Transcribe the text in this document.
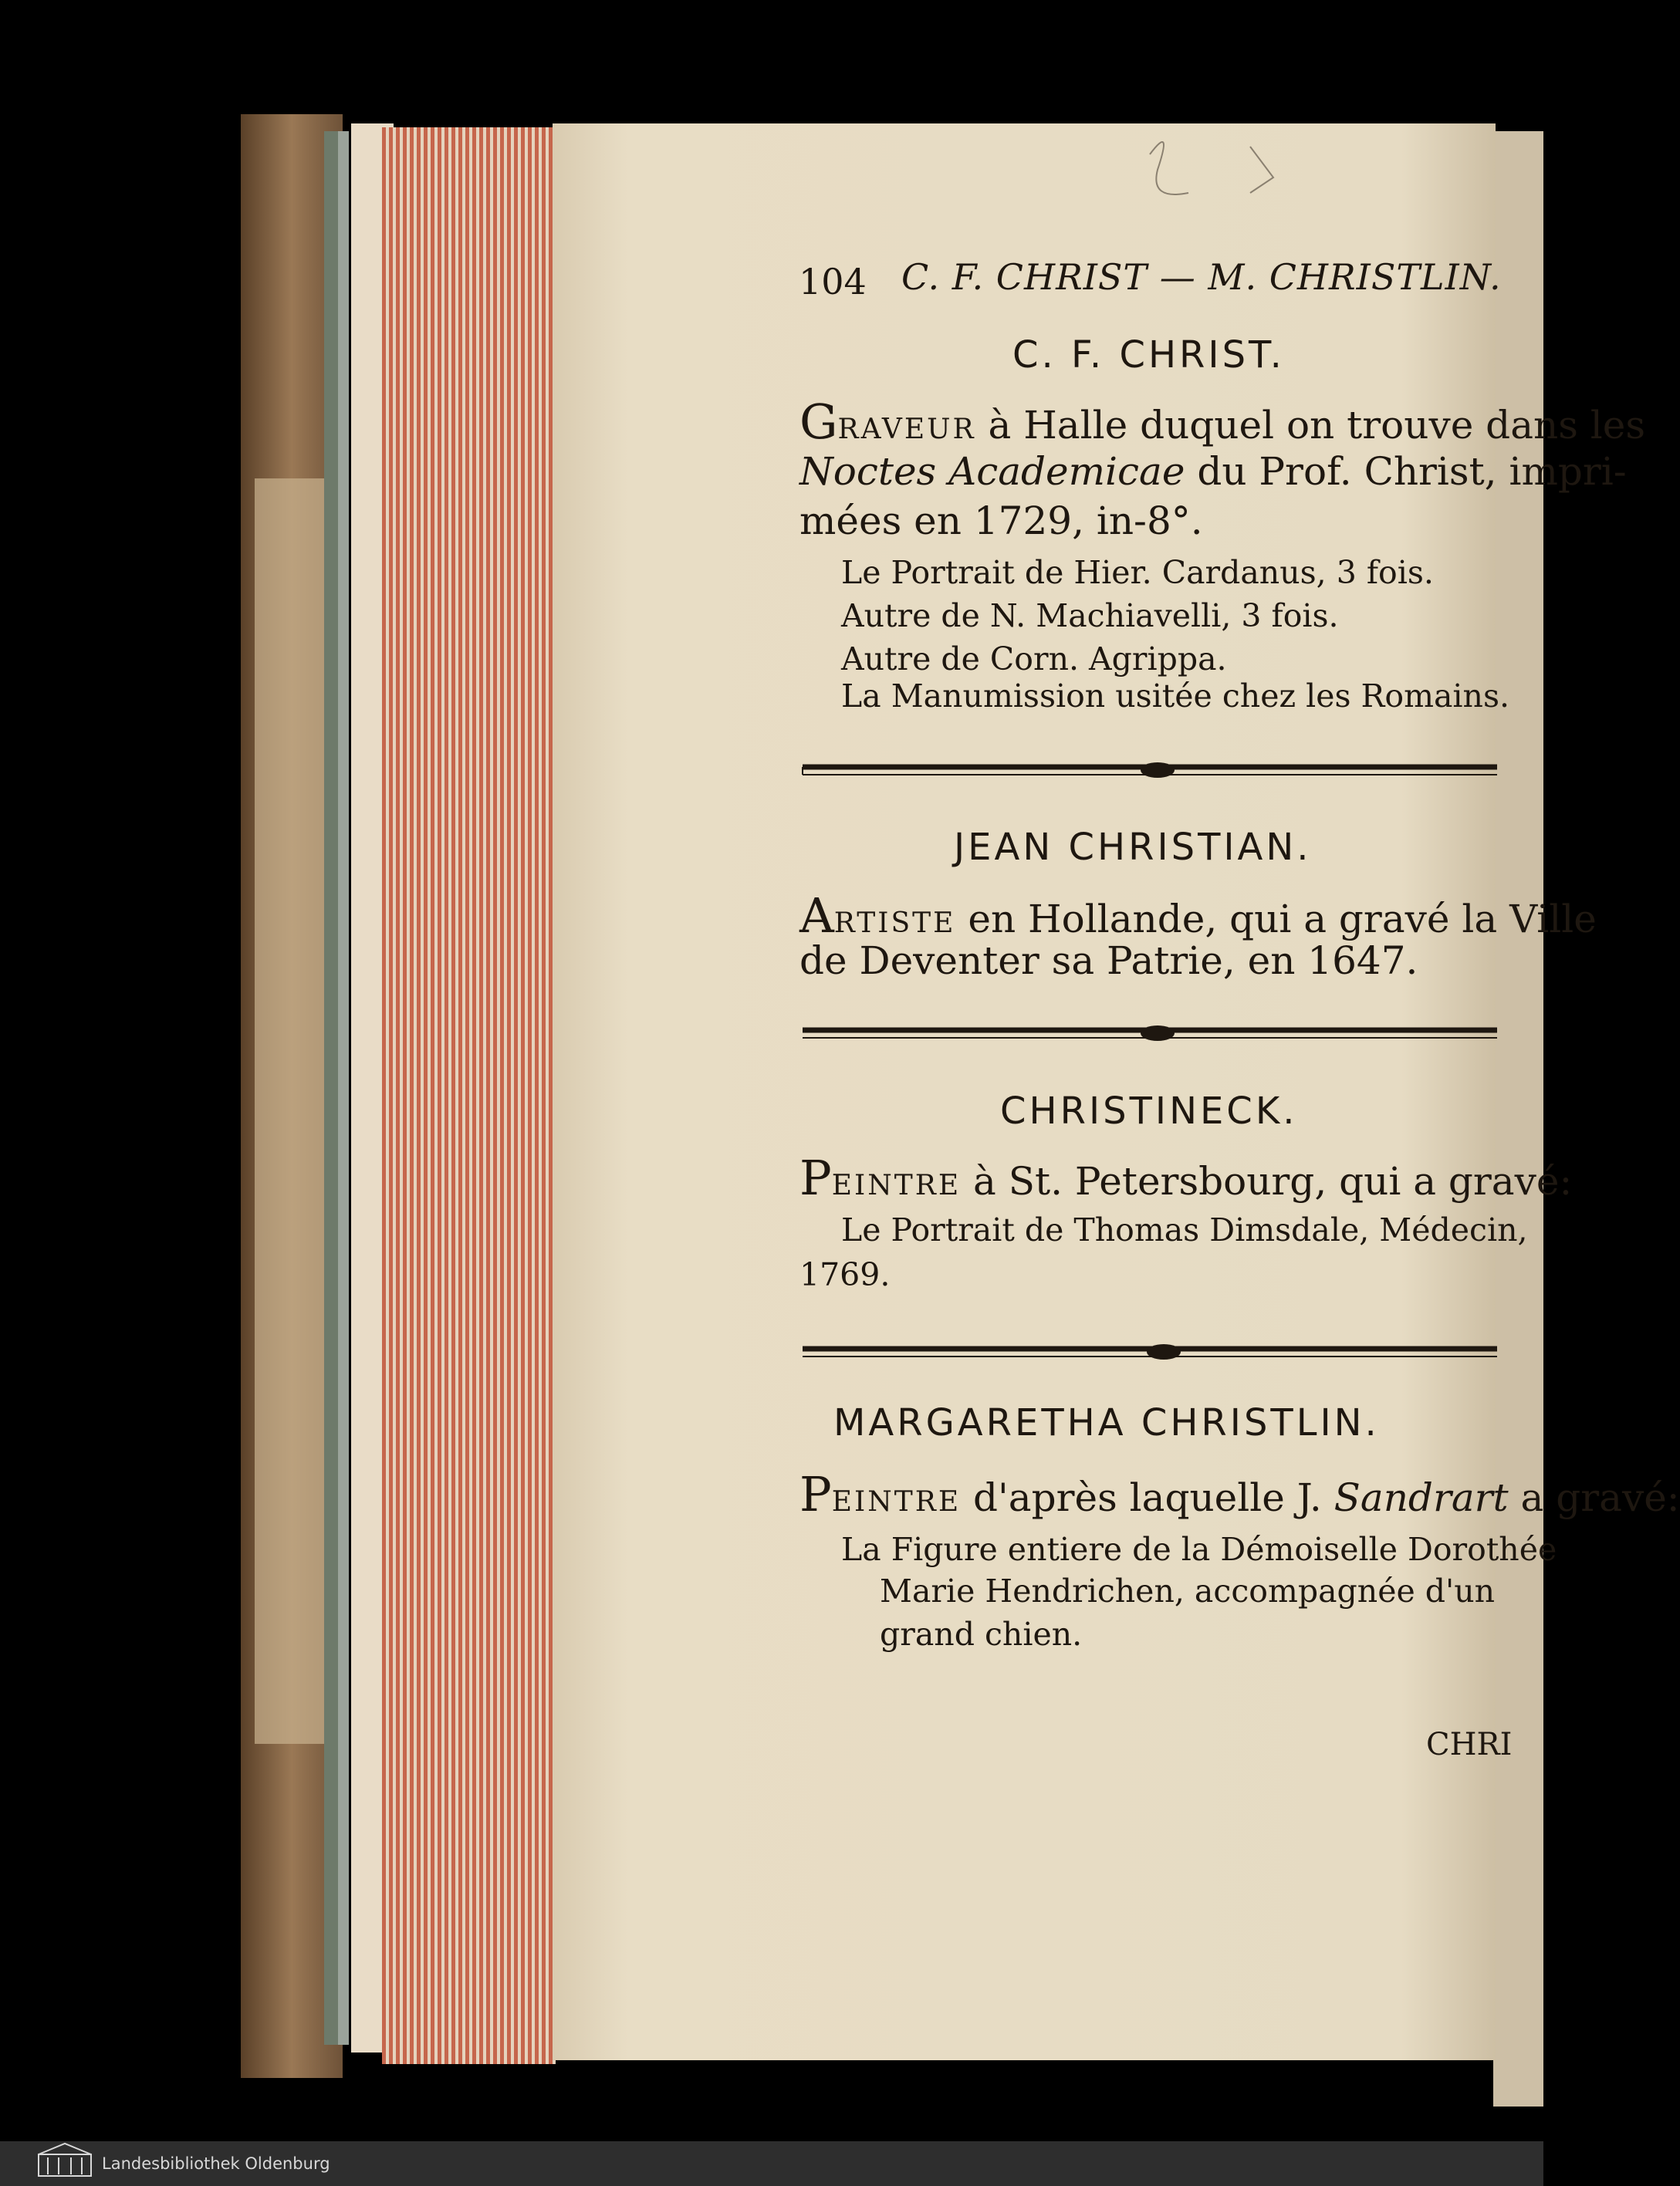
104 C. F. CHRIST — M. CHRISTLIN.
C. F. CHRIST.
GRAVEUR à Halle duquel on trouve dans les
Noctes Academicae du Prof. Christ, impri-
mées en 1729, in-8°.
Le Portrait de Hier. Cardanus, 3 fois.
Autre de N. Machiavelli, 3 fois.
Autre de Corn. Agrippa.
La Manumission usitée chez les Romains.
JEAN CHRISTIAN.
ARTISTE en Hollande, qui a gravé la Ville
de Deventer sa Patrie, en 1647.
CHRISTINECK.
PEINTRE à St. Petersbourg, qui a gravé:
Le Portrait de Thomas Dimsdale, Médecin,
1769.
MARGARETHA CHRISTLIN.
PEINTRE d'après laquelle J. Sandrart a gravé:
La Figure entiere de la Démoiselle Dorothée
Marie Hendrichen, accompagnée d'un
grand chien.
CHRI
Landesbibliothek Oldenburg
